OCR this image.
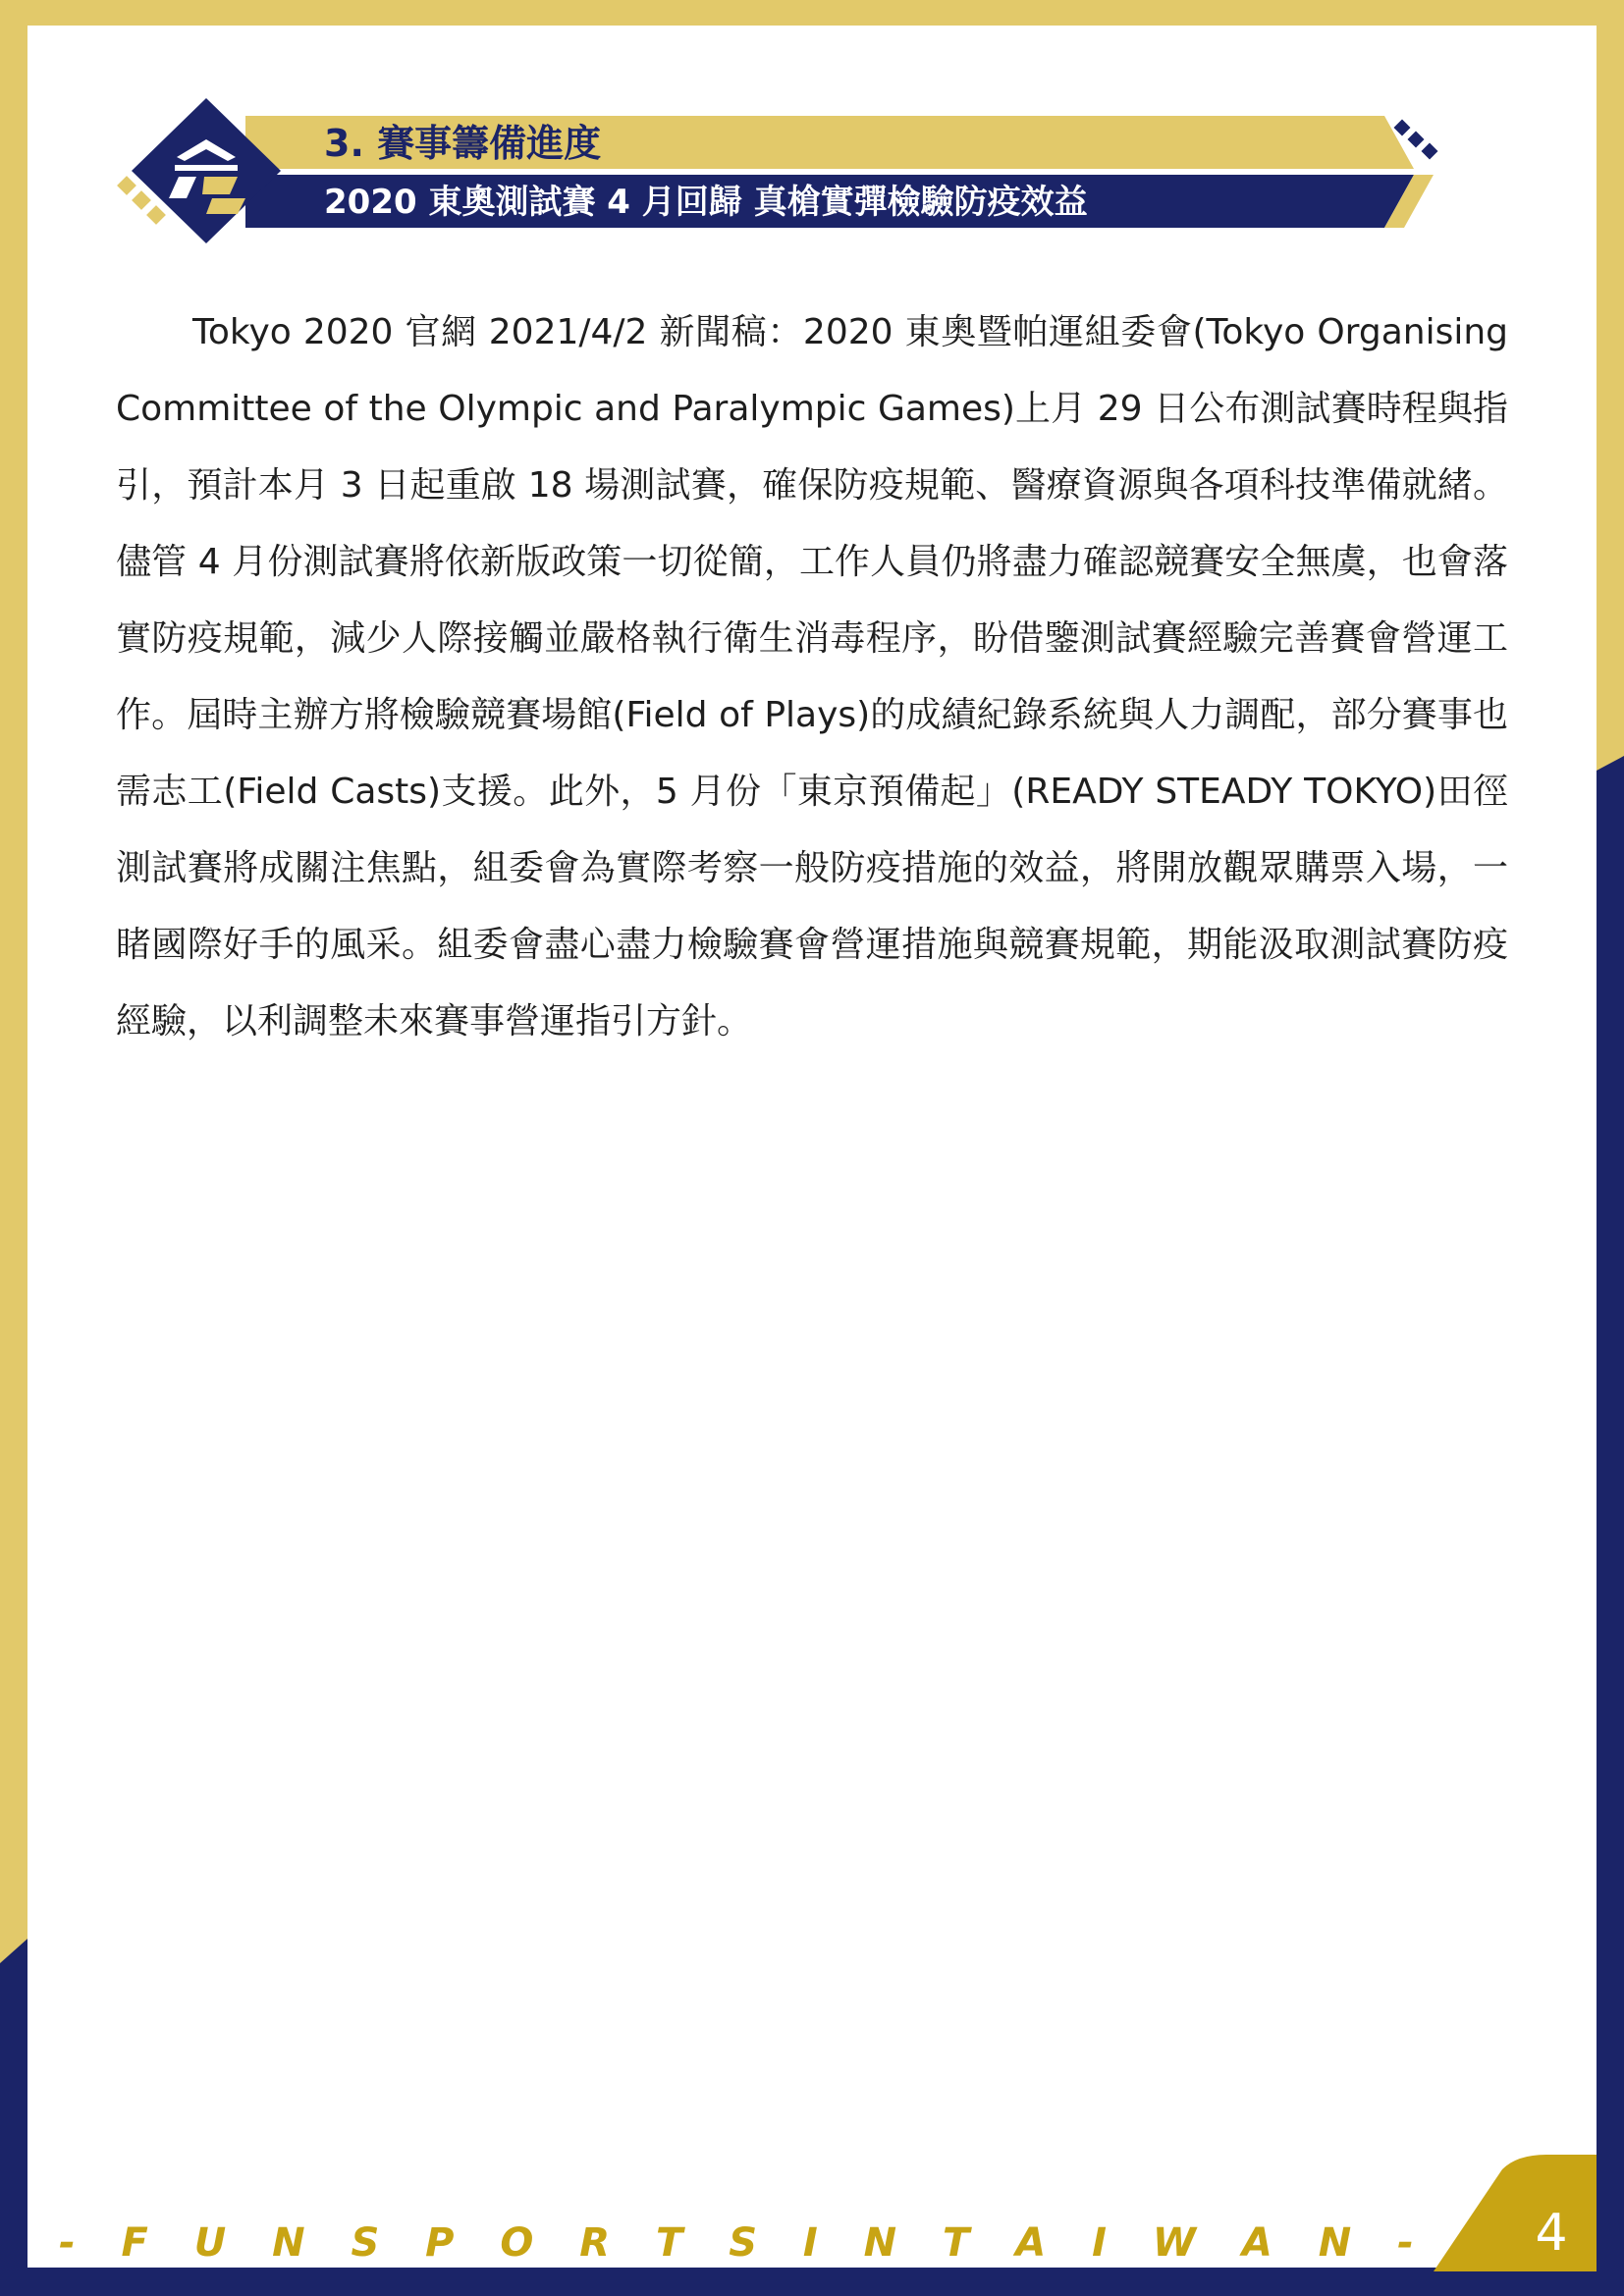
3. 賽事籌備進度
2020 東奧測試賽 4 月回歸 真槍實彈檢驗防疫效益

Tokyo 2020 官網 2021/4/2 新聞稿：2020 東奧暨帕運組委會(Tokyo Organising Committee of the Olympic and Paralympic Games)上月 29 日公布測試賽時程與指引，預計本月 3 日起重啟 18 場測試賽，確保防疫規範、醫療資源與各項科技準備就緒。儘管 4 月份測試賽將依新版政策一切從簡，工作人員仍將盡力確認競賽安全無虞，也會落實防疫規範，減少人際接觸並嚴格執行衛生消毒程序，盼借鑒測試賽經驗完善賽會營運工作。屆時主辦方將檢驗競賽場館(Field of Plays)的成績紀錄系統與人力調配，部分賽事也需志工(Field Casts)支援。此外，5 月份「東京預備起」(READY STEADY TOKYO)田徑測試賽將成關注焦點，組委會為實際考察一般防疫措施的效益，將開放觀眾購票入場，一睹國際好手的風采。組委會盡心盡力檢驗賽會營運措施與競賽規範，期能汲取測試賽防疫經驗，以利調整未來賽事營運指引方針。

- F U N S P O R T S I N T A I W A N -	4
